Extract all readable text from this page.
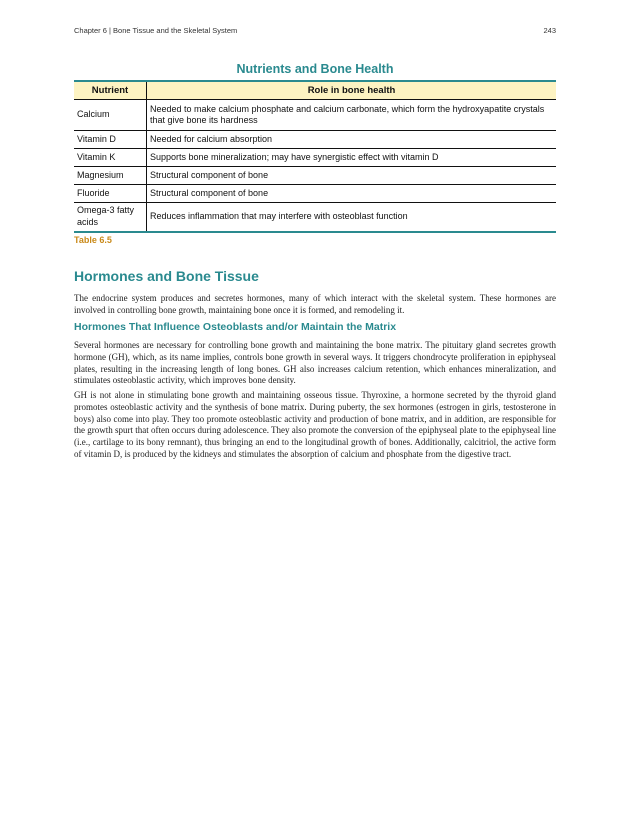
Chapter 6 | Bone Tissue and the Skeletal System	243
Nutrients and Bone Health
Nutrient	Role in bone health
Calcium	Needed to make calcium phosphate and calcium carbonate, which form the hydroxyapatite crystals that give bone its hardness
Vitamin D	Needed for calcium absorption
Vitamin K	Supports bone mineralization; may have synergistic effect with vitamin D
Magnesium	Structural component of bone
Fluoride	Structural component of bone
Omega-3 fatty acids	Reduces inflammation that may interfere with osteoblast function
Table 6.5
Hormones and Bone Tissue

The endocrine system produces and secretes hormones, many of which interact with the skeletal system. These hormones are involved in controlling bone growth, maintaining bone once it is formed, and remodeling it.

Hormones That Influence Osteoblasts and/or Maintain the Matrix

Several hormones are necessary for controlling bone growth and maintaining the bone matrix. The pituitary gland secretes growth hormone (GH), which, as its name implies, controls bone growth in several ways. It triggers chondrocyte proliferation in epiphyseal plates, resulting in the increasing length of long bones. GH also increases calcium retention, which enhances mineralization, and stimulates osteoblastic activity, which improves bone density.

GH is not alone in stimulating bone growth and maintaining osseous tissue. Thyroxine, a hormone secreted by the thyroid gland promotes osteoblastic activity and the synthesis of bone matrix. During puberty, the sex hormones (estrogen in girls, testosterone in boys) also come into play. They too promote osteoblastic activity and production of bone matrix, and in addition, are responsible for the growth spurt that often occurs during adolescence. They also promote the conversion of the epiphyseal plate to the epiphyseal line (i.e., cartilage to its bony remnant), thus bringing an end to the longitudinal growth of bones. Additionally, calcitriol, the active form of vitamin D, is produced by the kidneys and stimulates the absorption of calcium and phosphate from the digestive tract.
